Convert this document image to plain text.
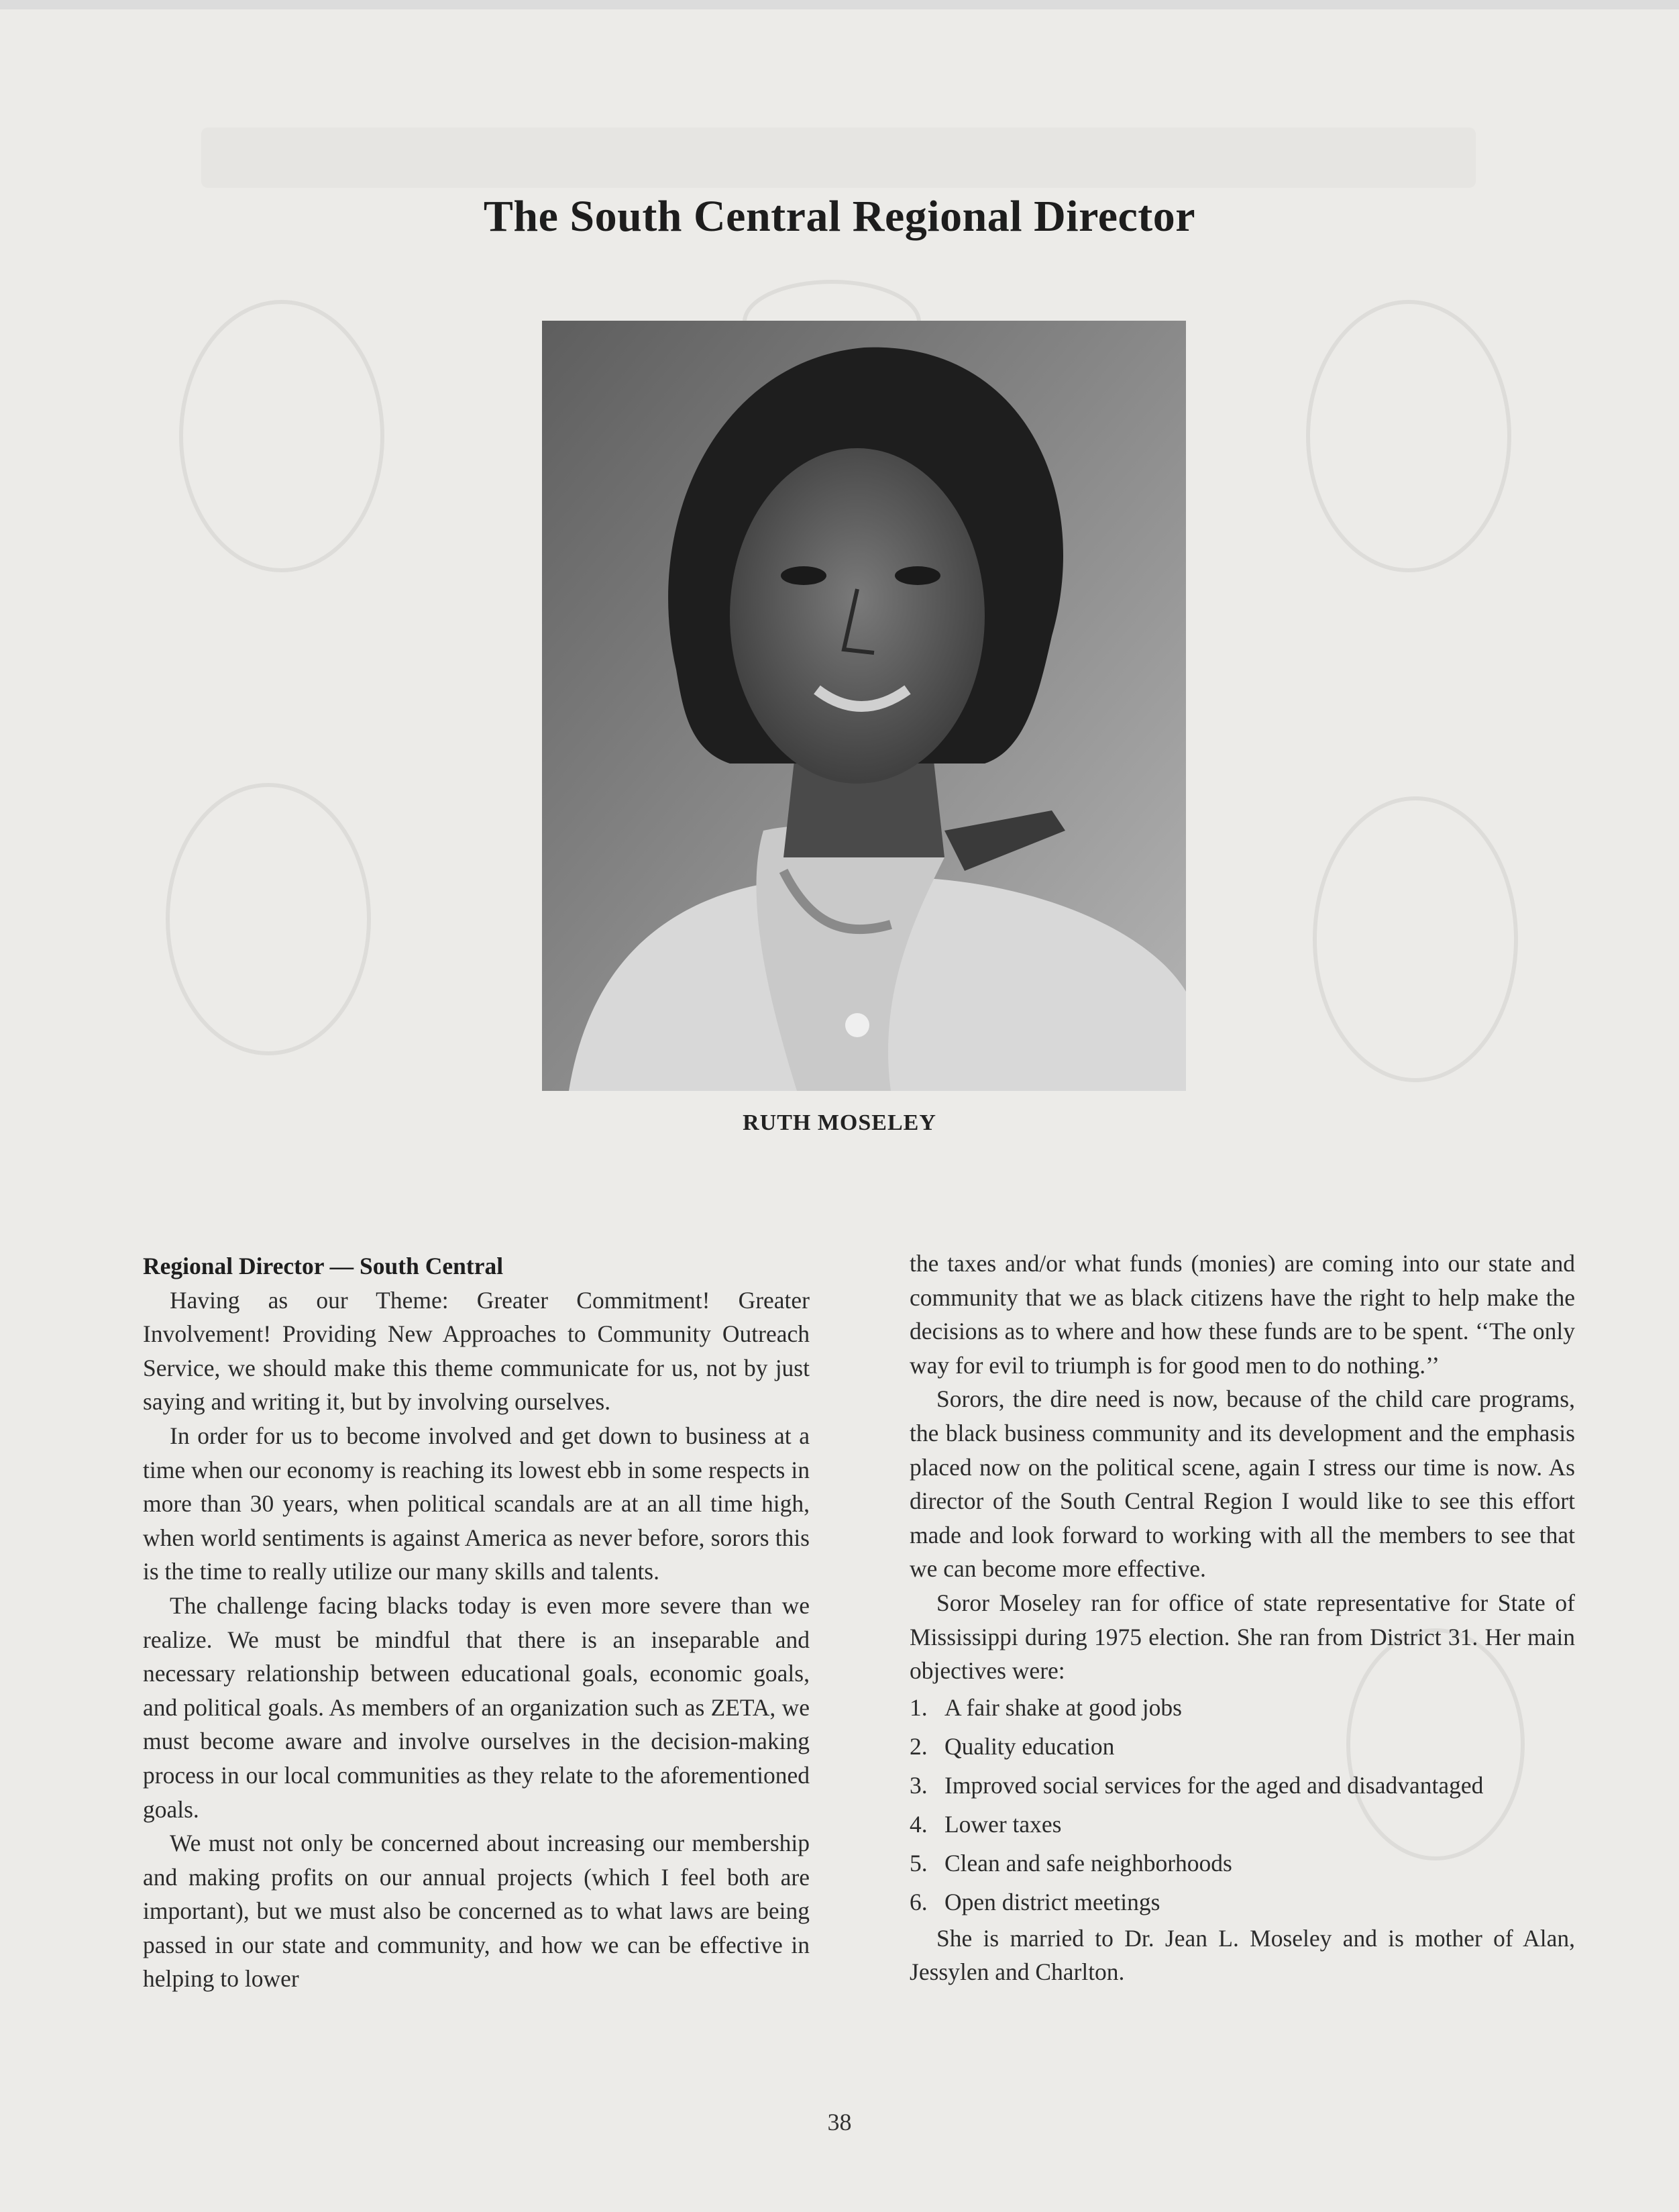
The South Central Regional Director
RUTH MOSELEY

Regional Director — South Central

Having as our Theme: Greater Commitment! Greater Involvement! Providing New Approaches to Community Outreach Service, we should make this theme communicate for us, not by just saying and writing it, but by involving ourselves.

In order for us to become involved and get down to business at a time when our economy is reaching its lowest ebb in some respects in more than 30 years, when political scandals are at an all time high, when world sentiments is against America as never before, sorors this is the time to really utilize our many skills and talents.

The challenge facing blacks today is even more severe than we realize. We must be mindful that there is an inseparable and necessary relationship between educational goals, economic goals, and political goals. As members of an organization such as ZETA, we must become aware and involve ourselves in the decision-making process in our local communities as they relate to the aforementioned goals.

We must not only be concerned about increasing our membership and making profits on our annual projects (which I feel both are important), but we must also be concerned as to what laws are being passed in our state and community, and how we can be effective in helping to lower

the taxes and/or what funds (monies) are coming into our state and community that we as black citizens have the right to help make the decisions as to where and how these funds are to be spent. ‘‘The only way for evil to triumph is for good men to do nothing.’’

Sorors, the dire need is now, because of the child care programs, the black business community and its development and the emphasis placed now on the political scene, again I stress our time is now. As director of the South Central Region I would like to see this effort made and look forward to working with all the members to see that we can become more effective.

Soror Moseley ran for office of state representative for State of Mississippi during 1975 election. She ran from District 31. Her main objectives were:

1. A fair shake at good jobs
2. Quality education
3. Improved social services for the aged and disadvantaged
4. Lower taxes
5. Clean and safe neighborhoods
6. Open district meetings

She is married to Dr. Jean L. Moseley and is mother of Alan, Jessylen and Charlton.

38
